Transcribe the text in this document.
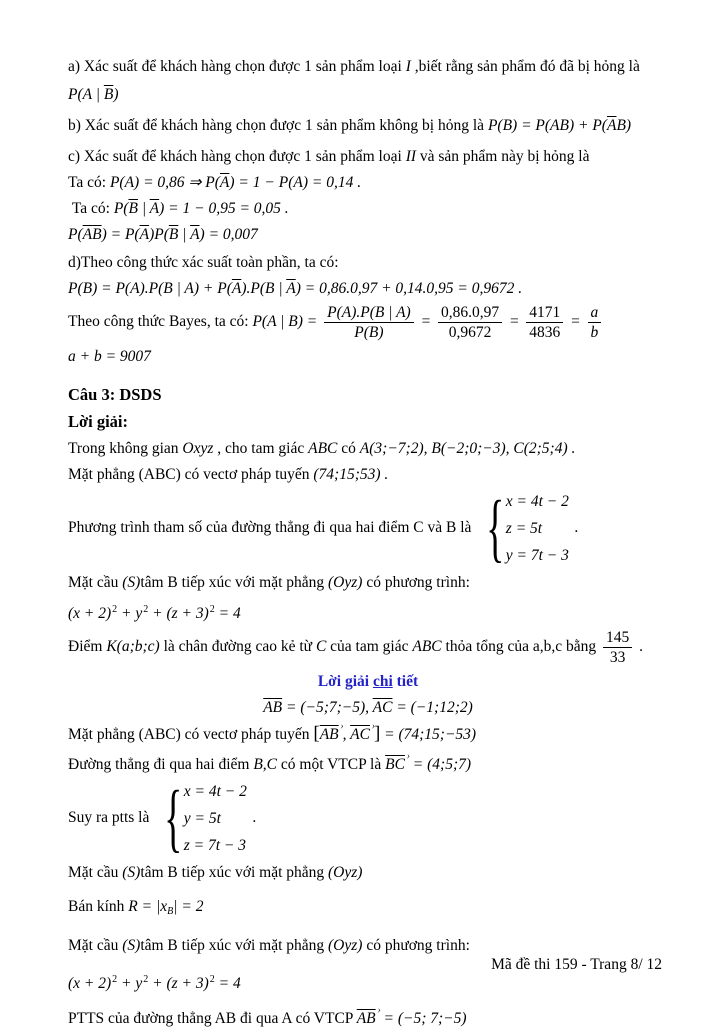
a) Xác suất để khách hàng chọn được 1 sản phẩm loại I ,biết rằng sản phẩm đó đã bị hỏng là
P(A | $\overline{B}$)
b) Xác suất để khách hàng chọn được 1 sản phẩm không bị hỏng là $P(B) = P(AB) + P(\overline{A}B)$
c) Xác suất để khách hàng chọn được 1 sản phẩm loại II và sản phẩm này bị hỏng là
Ta có: P(A) = 0,86 ⇒ $P(\overline{A}) = 1 - P(A) = 0,14$ .
Ta có: $P(\overline{B}$ | $\overline{A}) = 1 - 0,95 = 0,05$ .
$P(\overline{A}\overline{B}) = P(\overline{A})P(\overline{B}$ | $\overline{A}) = 0,007$
d)Theo công thức xác suất toàn phần, ta có:
P(B) = P(A).P(B | $A) + P(\overline{A}).P(B$ | $\overline{A}) = 0,86.0,97 + 0,14.0,95 = 0,9672$ .
Theo công thức Bayes, ta có: P(A | $B) = \frac{P(A).P(B | A)}{P(B)} = \frac{0,86.0,97}{0,9672} = \frac{4171}{4836} = \frac{a}{b}$
a + b = 9007
Câu 3: DSDS
Lời giải:
Trong không gian Oxyz , cho tam giác ABC có A(3;−7;2), B(−2;0;−3), C(2;5;4) .
Mặt phẳng (ABC) có vectơ pháp tuyến (74;15;53) .
Phương trình tham số của đường thẳng đi qua hai điểm C và B là
{ x = 4t − 2
z = 5t
y = 7t − 3
.
Mặt cầu (S)tâm B tiếp xúc với mặt phẳng (Oyz) có phương trình:
$(x + 2)^2 + y^2 + (z + 3)^2 = 4$
Điểm K(a;b;c) là chân đường cao kẻ từ C của tam giác ABC thỏa tổng của a,b,c bằng $\frac{145}{33}$ .
Lời giải chi tiết
$\overline{AB}$ = (−5;7;−5), $\overline{AC}$ = (−1;12;2)
Mặt phẳng (ABC) có vectơ pháp tuyến [$\overline{AB}$ › , $\overline{AC}$ › ] = (74;15;−53)
Đường thẳng đi qua hai điểm B,C có một VTCP là $\overline{BC}$ › = (4;5;7)
Suy ra ptts là
{ x = 4t − 2
y = 5t
z = 7t − 3
.
Mặt cầu (S)tâm B tiếp xúc với mặt phẳng (Oyz)
Bán kính $R = |x_B| = 2$
Mặt cầu (S)tâm B tiếp xúc với mặt phẳng (Oyz) có phương trình:
$(x + 2)^2 + y^2 + (z + 3)^2 = 4$
PTTS của đường thẳng AB đi qua A có VTCP $\overline{AB}$ › = (−5; 7;−5)
Mã đề thi 159 - Trang 8/ 12
